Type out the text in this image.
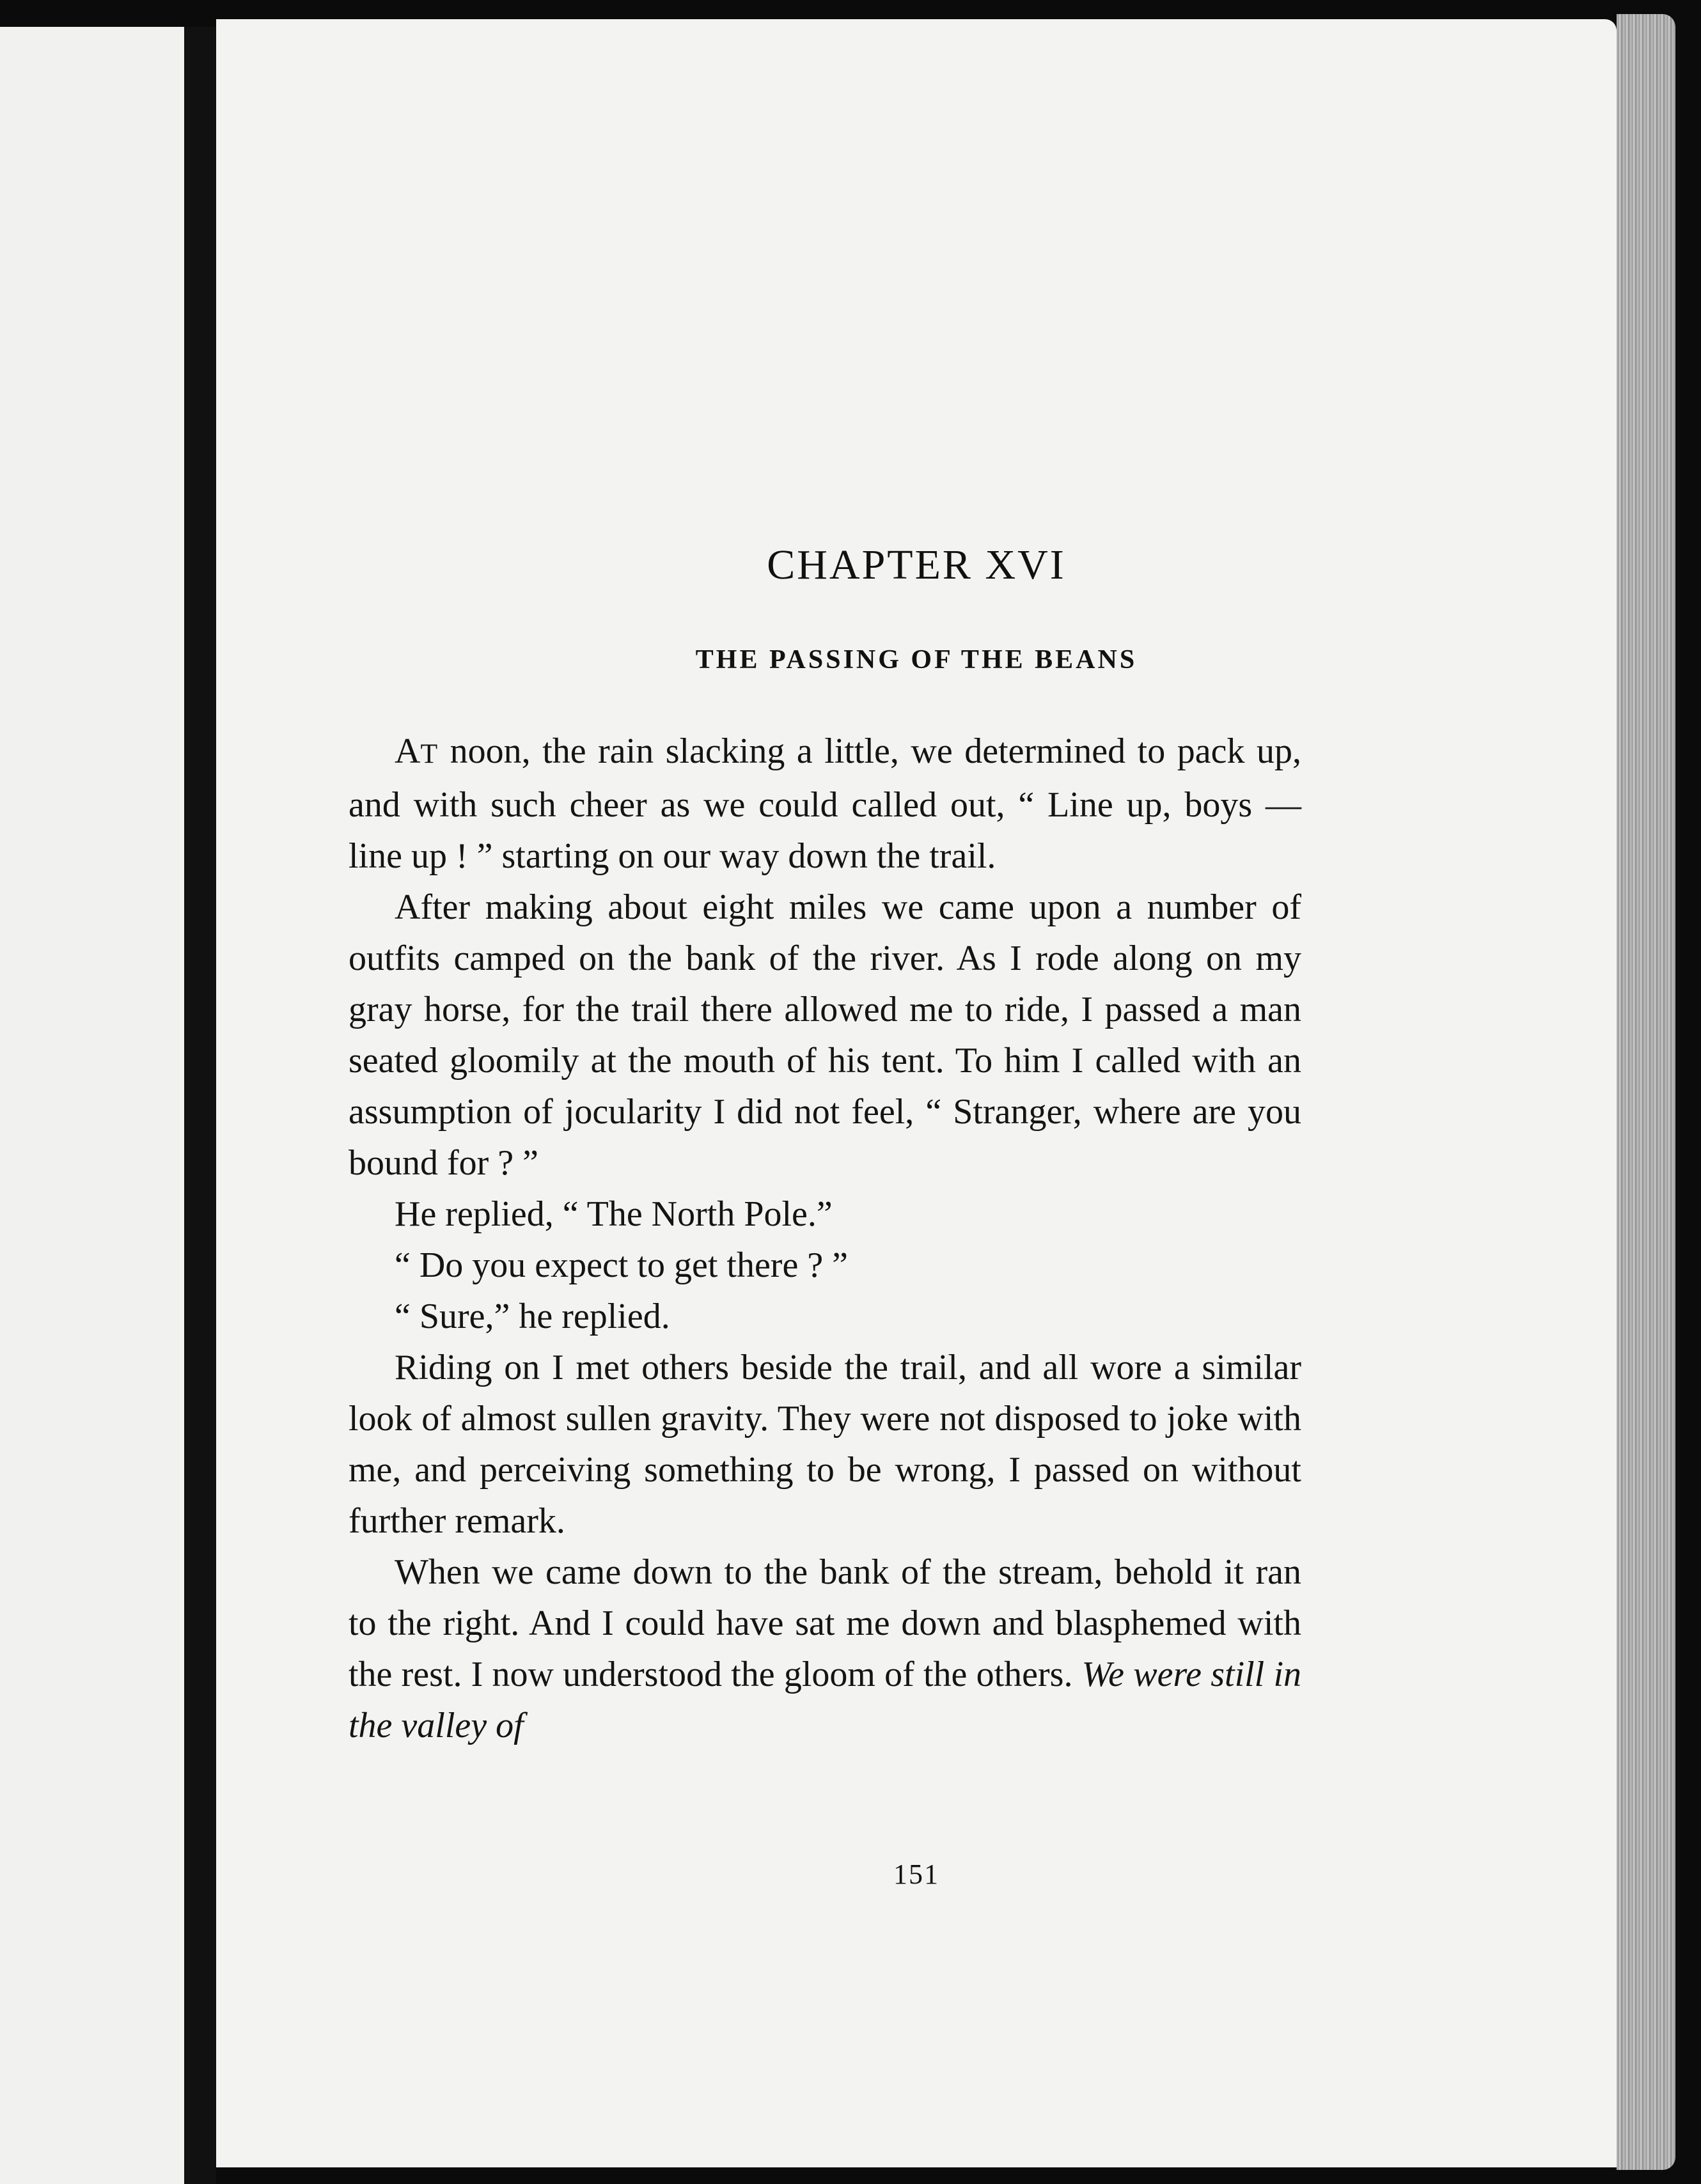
CHAPTER XVI
THE PASSING OF THE BEANS

AT noon, the rain slacking a little, we determined to pack up, and with such cheer as we could called out, “ Line up, boys — line up ! ” starting on our way down the trail.

After making about eight miles we came upon a number of outfits camped on the bank of the river. As I rode along on my gray horse, for the trail there allowed me to ride, I passed a man seated gloomily at the mouth of his tent. To him I called with an assumption of jocularity I did not feel, “ Stranger, where are you bound for ? ”

He replied, “ The North Pole.”

“ Do you expect to get there ? ”

“ Sure,” he replied.

Riding on I met others beside the trail, and all wore a similar look of almost sullen gravity. They were not disposed to joke with me, and perceiving something to be wrong, I passed on without further remark.

When we came down to the bank of the stream, behold it ran to the right. And I could have sat me down and blasphemed with the rest. I now understood the gloom of the others. We were still in the valley of

151
